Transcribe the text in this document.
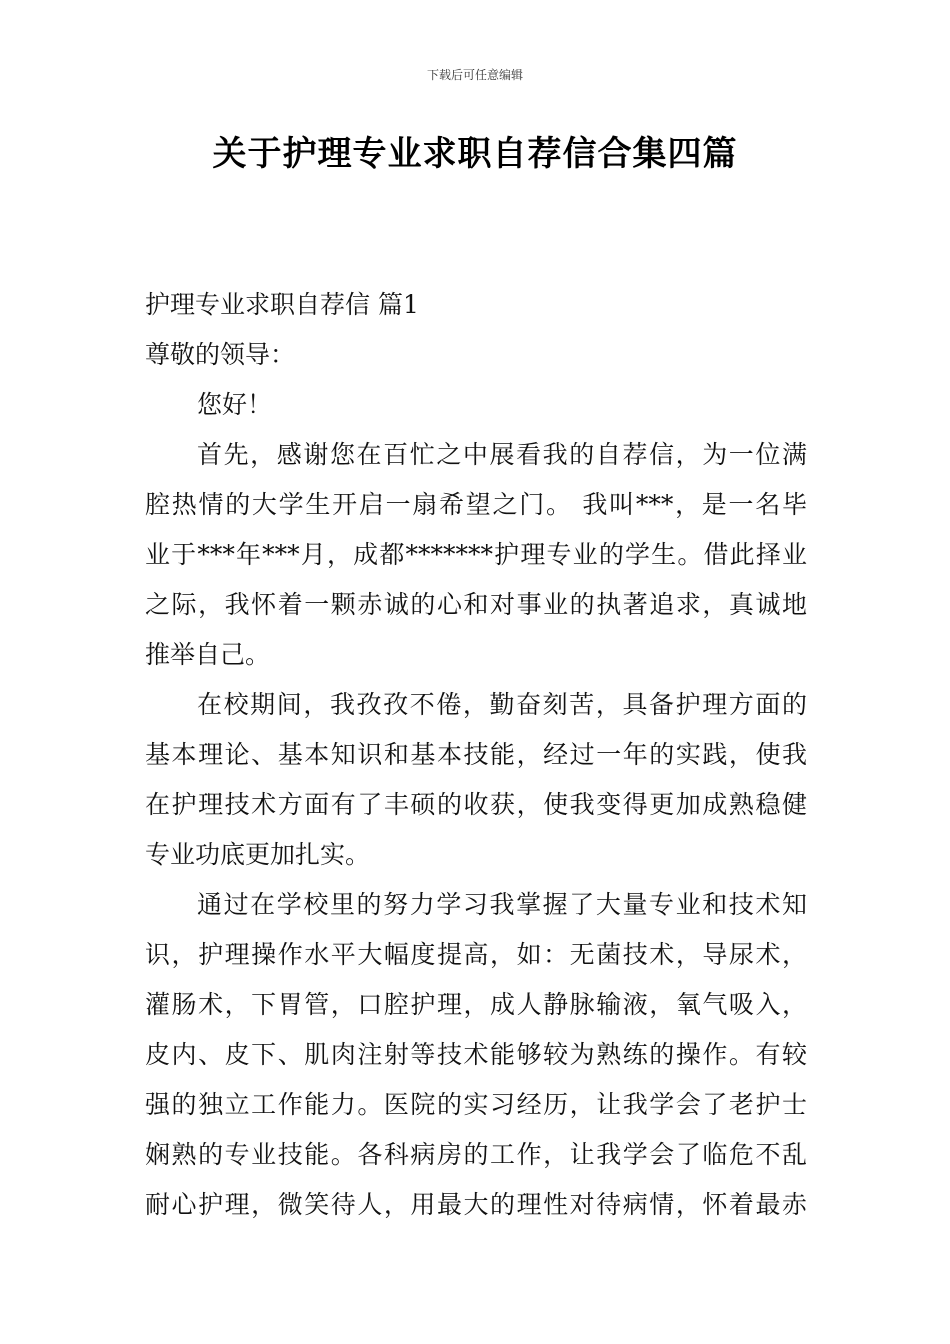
下载后可任意编辑
关于护理专业求职自荐信合集四篇
护理专业求职自荐信 篇1
尊敬的领导：
您好！
首先，感谢您在百忙之中展看我的自荐信，为一位满
腔热情的大学生开启一扇希望之门。 我叫***，是一名毕
业于***年***月，成都*******护理专业的学生。借此择业
之际，我怀着一颗赤诚的心和对事业的执著追求，真诚地
推举自己。
在校期间，我孜孜不倦，勤奋刻苦，具备护理方面的
基本理论、基本知识和基本技能，经过一年的实践，使我
在护理技术方面有了丰硕的收获，使我变得更加成熟稳健
专业功底更加扎实。
通过在学校里的努力学习我掌握了大量专业和技术知
识，护理操作水平大幅度提高，如：无菌技术，导尿术，
灌肠术，下胃管，口腔护理，成人静脉输液，氧气吸入，
皮内、皮下、肌肉注射等技术能够较为熟练的操作。有较
强的独立工作能力。医院的实习经历，让我学会了老护士
娴熟的专业技能。各科病房的工作，让我学会了临危不乱
耐心护理，微笑待人，用最大的理性对待病情，怀着最赤
